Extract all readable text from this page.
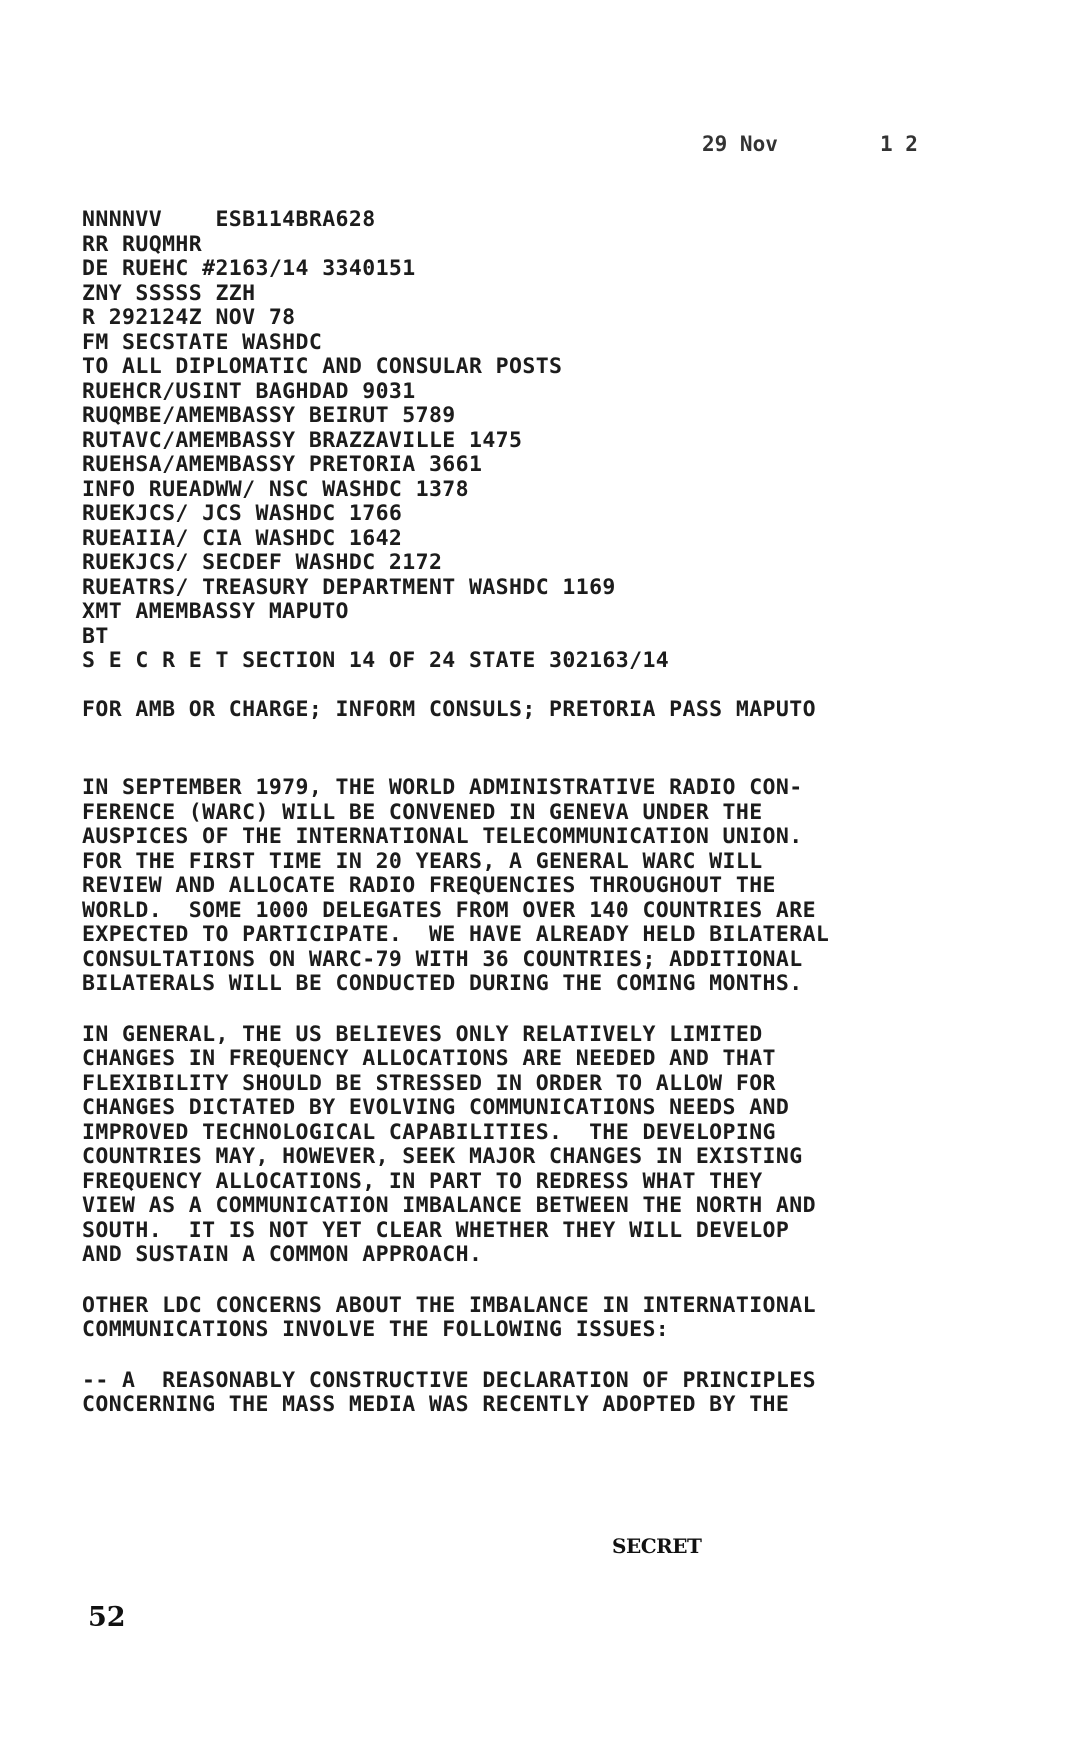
29 Nov	1 2
NNNNVV    ESB114BRA628
RR RUQMHR
DE RUEHC #2163/14 3340151
ZNY SSSSS ZZH
R 292124Z NOV 78
FM SECSTATE WASHDC
TO ALL DIPLOMATIC AND CONSULAR POSTS
RUEHCR/USINT BAGHDAD 9031
RUQMBE/AMEMBASSY BEIRUT 5789
RUTAVC/AMEMBASSY BRAZZAVILLE 1475
RUEHSA/AMEMBASSY PRETORIA 3661
INFO RUEADWW/ NSC WASHDC 1378
RUEKJCS/ JCS WASHDC 1766
RUEAIIA/ CIA WASHDC 1642
RUEKJCS/ SECDEF WASHDC 2172
RUEATRS/ TREASURY DEPARTMENT WASHDC 1169
XMT AMEMBASSY MAPUTO
BT
S E C R E T SECTION 14 OF 24 STATE 302163/14
FOR AMB OR CHARGE; INFORM CONSULS; PRETORIA PASS MAPUTO
IN SEPTEMBER 1979, THE WORLD ADMINISTRATIVE RADIO CON-
FERENCE (WARC) WILL BE CONVENED IN GENEVA UNDER THE
AUSPICES OF THE INTERNATIONAL TELECOMMUNICATION UNION.
FOR THE FIRST TIME IN 20 YEARS, A GENERAL WARC WILL
REVIEW AND ALLOCATE RADIO FREQUENCIES THROUGHOUT THE
WORLD.  SOME 1000 DELEGATES FROM OVER 140 COUNTRIES ARE
EXPECTED TO PARTICIPATE.  WE HAVE ALREADY HELD BILATERAL
CONSULTATIONS ON WARC-79 WITH 36 COUNTRIES; ADDITIONAL
BILATERALS WILL BE CONDUCTED DURING THE COMING MONTHS.
IN GENERAL, THE US BELIEVES ONLY RELATIVELY LIMITED
CHANGES IN FREQUENCY ALLOCATIONS ARE NEEDED AND THAT
FLEXIBILITY SHOULD BE STRESSED IN ORDER TO ALLOW FOR
CHANGES DICTATED BY EVOLVING COMMUNICATIONS NEEDS AND
IMPROVED TECHNOLOGICAL CAPABILITIES.  THE DEVELOPING
COUNTRIES MAY, HOWEVER, SEEK MAJOR CHANGES IN EXISTING
FREQUENCY ALLOCATIONS, IN PART TO REDRESS WHAT THEY
VIEW AS A COMMUNICATION IMBALANCE BETWEEN THE NORTH AND
SOUTH.  IT IS NOT YET CLEAR WHETHER THEY WILL DEVELOP
AND SUSTAIN A COMMON APPROACH.
OTHER LDC CONCERNS ABOUT THE IMBALANCE IN INTERNATIONAL
COMMUNICATIONS INVOLVE THE FOLLOWING ISSUES:
-- A  REASONABLY CONSTRUCTIVE DECLARATION OF PRINCIPLES
CONCERNING THE MASS MEDIA WAS RECENTLY ADOPTED BY THE
SECRET
52
